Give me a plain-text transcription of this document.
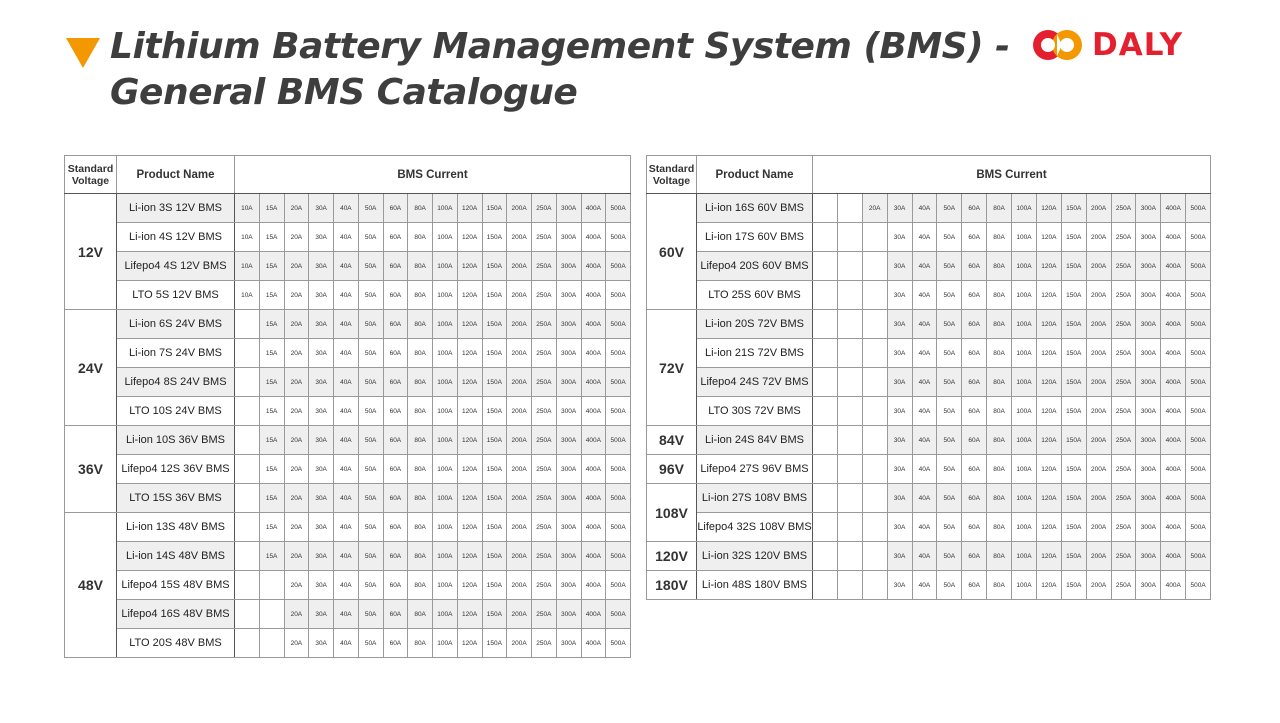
Lithium Battery Management System (BMS) -
General BMS Catalogue
DALY
Standard Voltage	Product Name	BMS Current															
12V	Li-ion 3S 12V BMS	10A	15A	20A	30A	40A	50A	60A	80A	100A	120A	150A	200A	250A	300A	400A	500A
	Li-ion 4S 12V BMS	10A	15A	20A	30A	40A	50A	60A	80A	100A	120A	150A	200A	250A	300A	400A	500A
	Lifepo4 4S 12V BMS	10A	15A	20A	30A	40A	50A	60A	80A	100A	120A	150A	200A	250A	300A	400A	500A
	LTO 5S 12V BMS	10A	15A	20A	30A	40A	50A	60A	80A	100A	120A	150A	200A	250A	300A	400A	500A
24V	Li-ion 6S 24V BMS		15A	20A	30A	40A	50A	60A	80A	100A	120A	150A	200A	250A	300A	400A	500A
	Li-ion 7S 24V BMS		15A	20A	30A	40A	50A	60A	80A	100A	120A	150A	200A	250A	300A	400A	500A
	Lifepo4 8S 24V BMS		15A	20A	30A	40A	50A	60A	80A	100A	120A	150A	200A	250A	300A	400A	500A
	LTO 10S 24V BMS		15A	20A	30A	40A	50A	60A	80A	100A	120A	150A	200A	250A	300A	400A	500A
36V	Li-ion 10S 36V BMS		15A	20A	30A	40A	50A	60A	80A	100A	120A	150A	200A	250A	300A	400A	500A
	Lifepo4 12S 36V BMS		15A	20A	30A	40A	50A	60A	80A	100A	120A	150A	200A	250A	300A	400A	500A
	LTO 15S 36V BMS		15A	20A	30A	40A	50A	60A	80A	100A	120A	150A	200A	250A	300A	400A	500A
48V	Li-ion 13S 48V BMS		15A	20A	30A	40A	50A	60A	80A	100A	120A	150A	200A	250A	300A	400A	500A
	Li-ion 14S 48V BMS		15A	20A	30A	40A	50A	60A	80A	100A	120A	150A	200A	250A	300A	400A	500A
	Lifepo4 15S 48V BMS			20A	30A	40A	50A	60A	80A	100A	120A	150A	200A	250A	300A	400A	500A
	Lifepo4 16S 48V BMS			20A	30A	40A	50A	60A	80A	100A	120A	150A	200A	250A	300A	400A	500A
	LTO 20S 48V BMS			20A	30A	40A	50A	60A	80A	100A	120A	150A	200A	250A	300A	400A	500A
Standard Voltage	Product Name	BMS Current															
60V	Li-ion 16S 60V BMS			20A	30A	40A	50A	60A	80A	100A	120A	150A	200A	250A	300A	400A	500A
	Li-ion 17S 60V BMS				30A	40A	50A	60A	80A	100A	120A	150A	200A	250A	300A	400A	500A
	Lifepo4 20S 60V BMS				30A	40A	50A	60A	80A	100A	120A	150A	200A	250A	300A	400A	500A
	LTO 25S 60V BMS				30A	40A	50A	60A	80A	100A	120A	150A	200A	250A	300A	400A	500A
72V	Li-ion 20S 72V BMS				30A	40A	50A	60A	80A	100A	120A	150A	200A	250A	300A	400A	500A
	Li-ion 21S 72V BMS				30A	40A	50A	60A	80A	100A	120A	150A	200A	250A	300A	400A	500A
	Lifepo4 24S 72V BMS				30A	40A	50A	60A	80A	100A	120A	150A	200A	250A	300A	400A	500A
	LTO 30S 72V BMS				30A	40A	50A	60A	80A	100A	120A	150A	200A	250A	300A	400A	500A
84V	Li-ion 24S 84V BMS				30A	40A	50A	60A	80A	100A	120A	150A	200A	250A	300A	400A	500A
96V	Lifepo4 27S 96V BMS				30A	40A	50A	60A	80A	100A	120A	150A	200A	250A	300A	400A	500A
108V	Li-ion 27S 108V BMS				30A	40A	50A	60A	80A	100A	120A	150A	200A	250A	300A	400A	500A
	Lifepo4 32S 108V BMS				30A	40A	50A	60A	80A	100A	120A	150A	200A	250A	300A	400A	500A
120V	Li-ion 32S 120V BMS				30A	40A	50A	60A	80A	100A	120A	150A	200A	250A	300A	400A	500A
180V	Li-ion 48S 180V BMS				30A	40A	50A	60A	80A	100A	120A	150A	200A	250A	300A	400A	500A
